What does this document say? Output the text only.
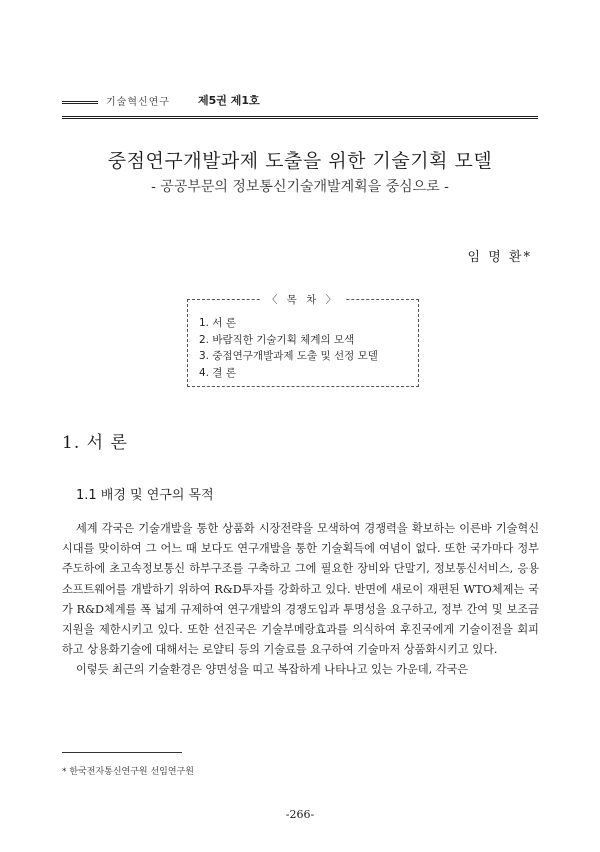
기술혁신연구	제5권 제1호
중점연구개발과제 도출을 위한 기술기획 모델
- 공공부문의 정보통신기술개발계획을 중심으로 -
임 명 환*
〈 목 차 〉
1. 서 론
2. 바람직한 기술기획 체계의 모색
3. 중점연구개발과제 도출 및 선정 모델
4. 결 론
1. 서 론
1.1 배경 및 연구의 목적

세계 각국은 기술개발을 통한 상품화 시장전략을 모색하여 경쟁력을 확보하는 이른바 기술혁신 시대를 맞이하여 그 어느 때 보다도 연구개발을 통한 기술획득에 여념이 없다. 또한 국가마다 정부주도하에 초고속정보통신 하부구조를 구축하고 그에 필요한 장비와 단말기, 정보통신서비스, 응용소프트웨어를 개발하기 위하여 R&D투자를 강화하고 있다. 반면에 새로이 재편된 WTO체제는 국가 R&D체계를 폭 넓게 규제하여 연구개발의 경쟁도입과 투명성을 요구하고, 정부 간여 및 보조금지원을 제한시키고 있다. 또한 선진국은 기술부메랑효과를 의식하여 후진국에게 기술이전을 회피하고 상용화기술에 대해서는 로얄티 등의 기술료를 요구하여 기술마저 상품화시키고 있다.

이렇듯 최근의 기술환경은 양면성을 띠고 복잡하게 나타나고 있는 가운데, 각국은

* 한국전자통신연구원 선임연구원
-266-
